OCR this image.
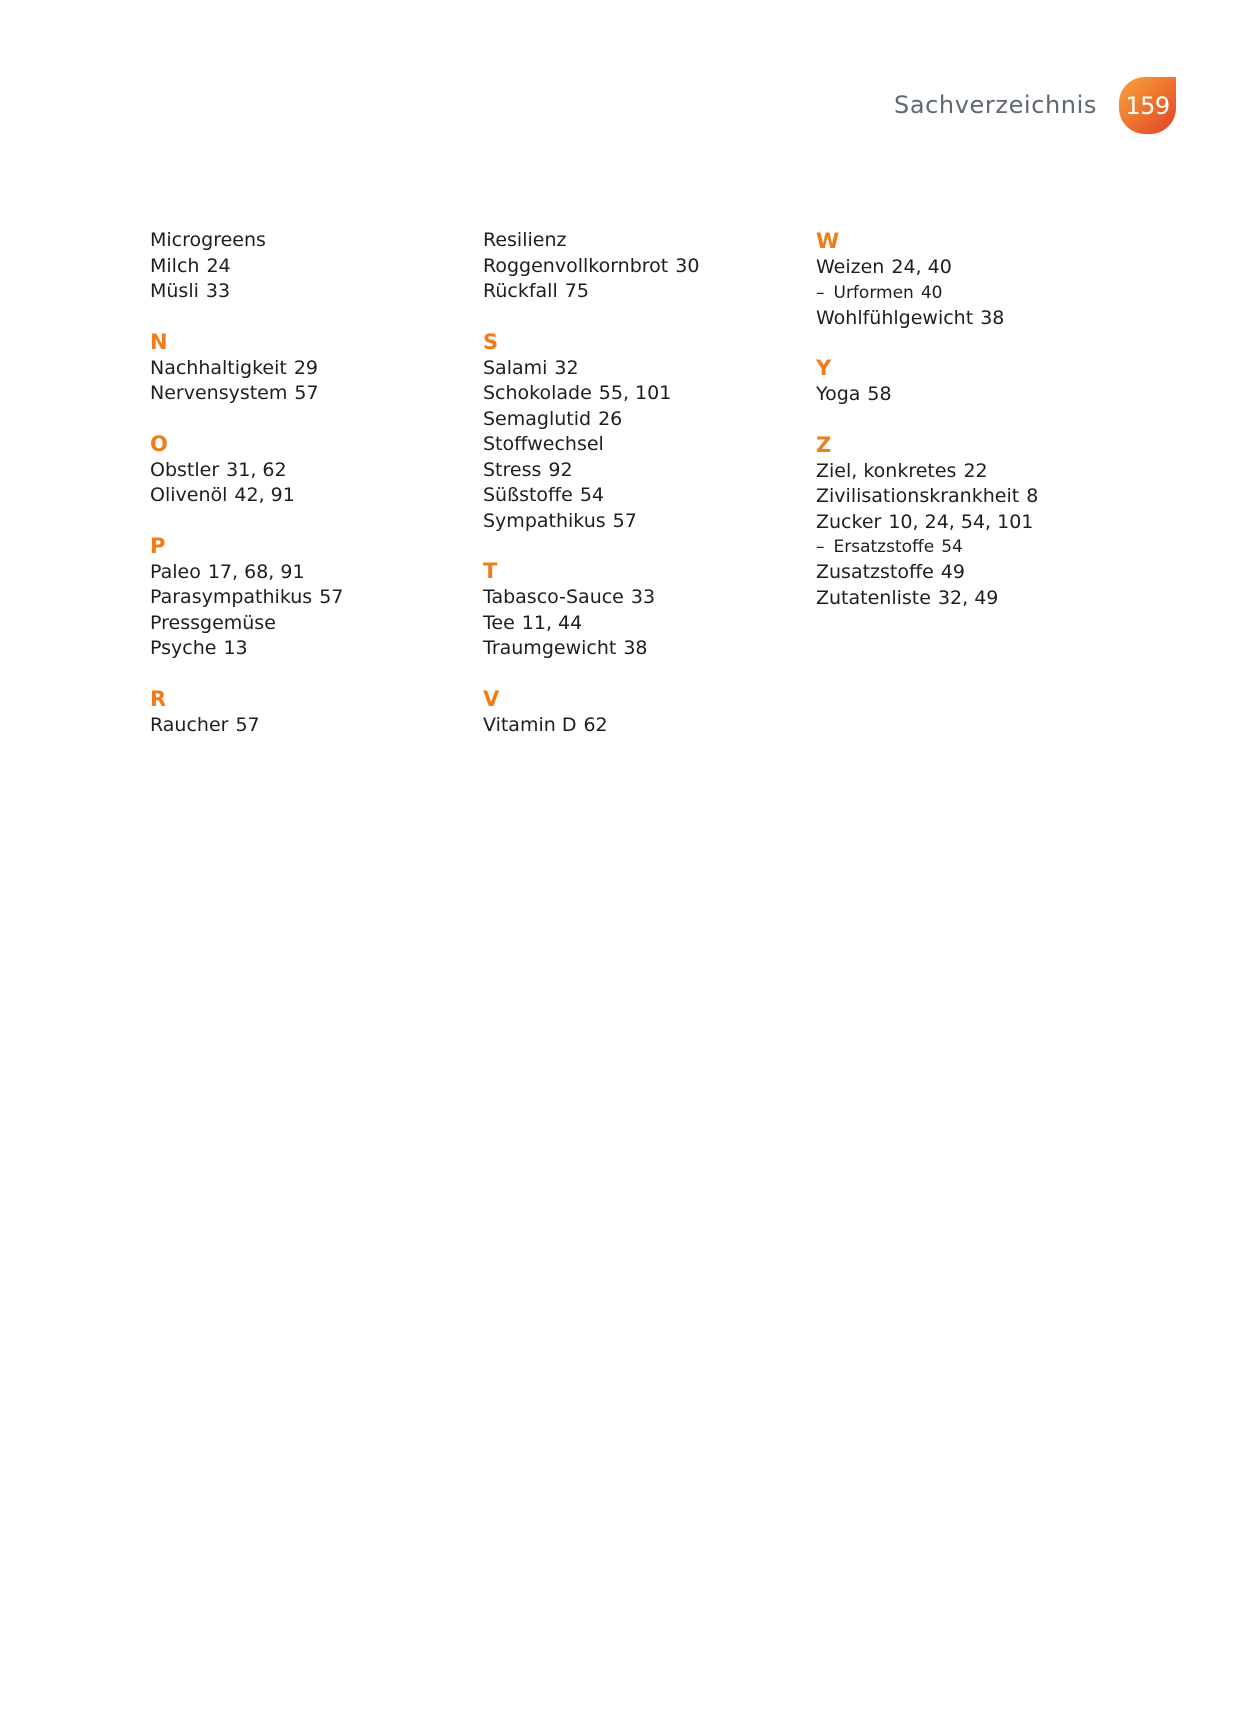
Sachverzeichnis 159
Microgreens
Milch 24
Müsli 33
N
Nachhaltigkeit 29
Nervensystem 57
O
Obstler 31, 62
Olivenöl 42, 91
P
Paleo 17, 68, 91
Parasympathikus 57
Pressgemüse
Psyche 13
R
Raucher 57
Resilienz
Roggenvollkornbrot 30
Rückfall 75
S
Salami 32
Schokolade 55, 101
Semaglutid 26
Stoffwechsel
Stress 92
Süßstoffe 54
Sympathikus 57
T
Tabasco-Sauce 33
Tee 11, 44
Traumgewicht 38
V
Vitamin D 62
W
Weizen 24, 40
– Urformen 40
Wohlfühlgewicht 38
Y
Yoga 58
Z
Ziel, konkretes 22
Zivilisationskrankheit 8
Zucker 10, 24, 54, 101
– Ersatzstoffe 54
Zusatzstoffe 49
Zutatenliste 32, 49
